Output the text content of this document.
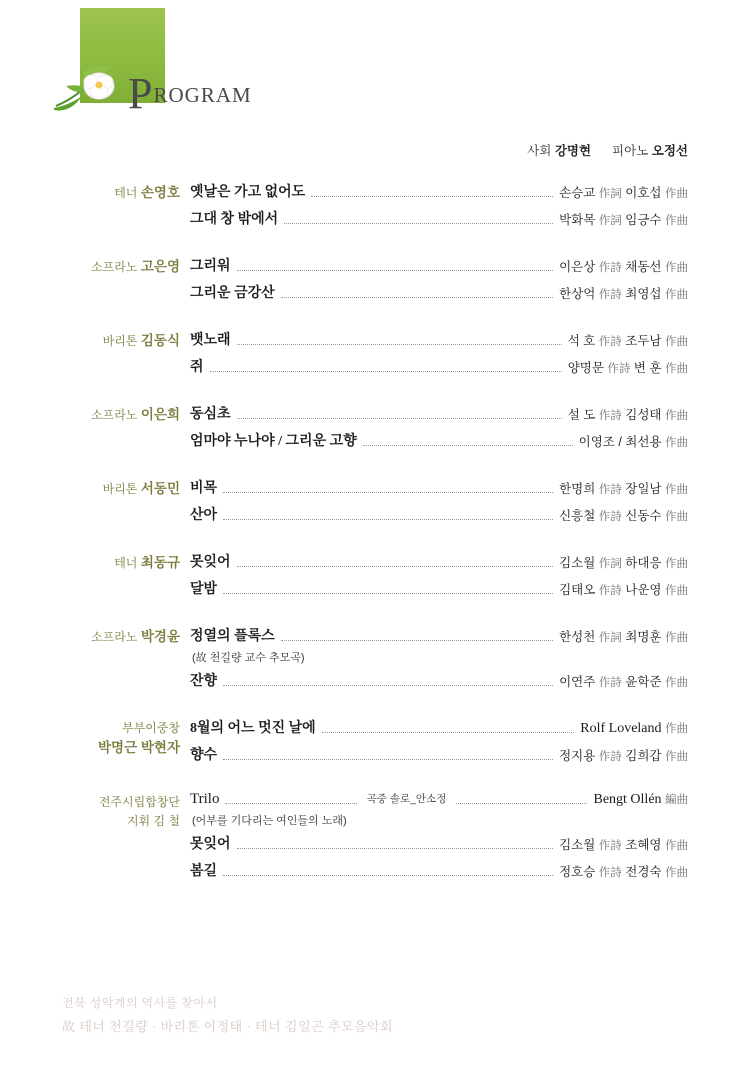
Program
사회 강명현 피아노 오정선
테너 손영호 옛날은 가고 없어도	손승교 作詞 이호섭 作曲
그대 창 밖에서	박화목 作詞 임긍수 作曲
소프라노 고은영 그리워	이은상 作詩 채동선 作曲
그리운 금강산	한상억 作詩 최영섭 作曲
바리톤 김동식 뱃노래	석 호 作詩 조두남 作曲
쥐	양명문 作詩 변 훈 作曲
소프라노 이은희 동심초	설 도 作詩 김성태 作曲
엄마야 누나야 / 그리운 고향	이영조 / 최선용 作曲
바리톤 서동민 비목	한명희 作詩 장일남 作曲
산아	신흥철 作詩 신동수 作曲
테너 최동규 못잊어	김소월 作詞 하대응 作曲
달밤	김태오 作詩 나운영 作曲
소프라노 박경윤 정열의 플록스	한성천 作詞 최명훈 作曲
(故 천길량 교수 추모곡)
잔향	이연주 作詩 윤학준 作曲
부부이중창
박명근 박현자
8월의 어느 멋진 날에	Rolf Loveland 作曲
향수	정지용 作詩 김희갑 作曲
전주시립합창단
지휘 김 철
Trilo	곡중 솔로_안소정	Bengt Ollén 編曲
(어부를 기다리는 여인들의 노래)
못잊어	김소월 作詩 조혜영 作曲
봄길	정호승 作詩 전경숙 作曲
전북 성악계의 역사를 찾아서
故 테너 천길량 · 바리톤 이정태 · 테너 김일곤 추모음악회
